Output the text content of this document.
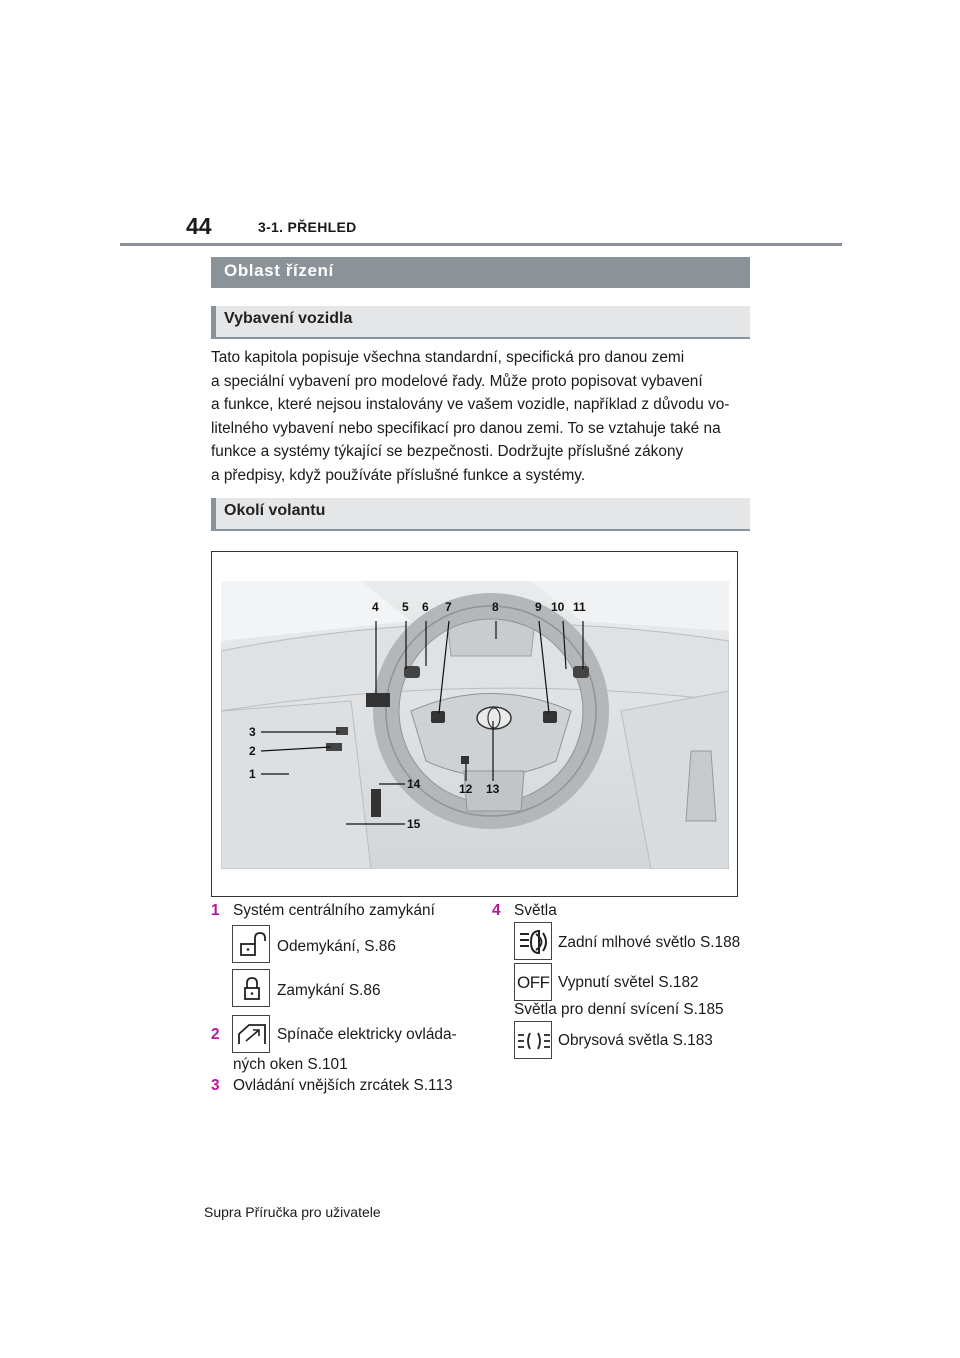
44	3-1. PŘEHLED
Oblast řízení
Vybavení vozidla
Tato kapitola popisuje všechna standardní, specifická pro danou zemi
a speciální vybavení pro modelové řady. Může proto popisovat vybavení
a funkce, které nejsou instalovány ve vašem vozidle, například z důvodu vo-
litelného vybavení nebo specifikací pro danou zemi. To se vztahuje také na
funkce a systémy týkající se bezpečnosti. Dodržujte příslušné zákony
a předpisy, když používáte příslušné funkce a systémy.
Okolí volantu
4 5 6 7	8	9 10 11
3
2
1
12 13
14
15
1 Systém centrálního zamykání
Odemykání, S.86
Zamykání S.86
2	Spínače elektricky ovláda-
ných oken S.101
3 Ovládání vnějších zrcátek S.113
4 Světla
Zadní mlhové světlo S.188
OFF Vypnutí světel S.182
Světla pro denní svícení S.185
Obrysová světla S.183
Supra Příručka pro uživatele
